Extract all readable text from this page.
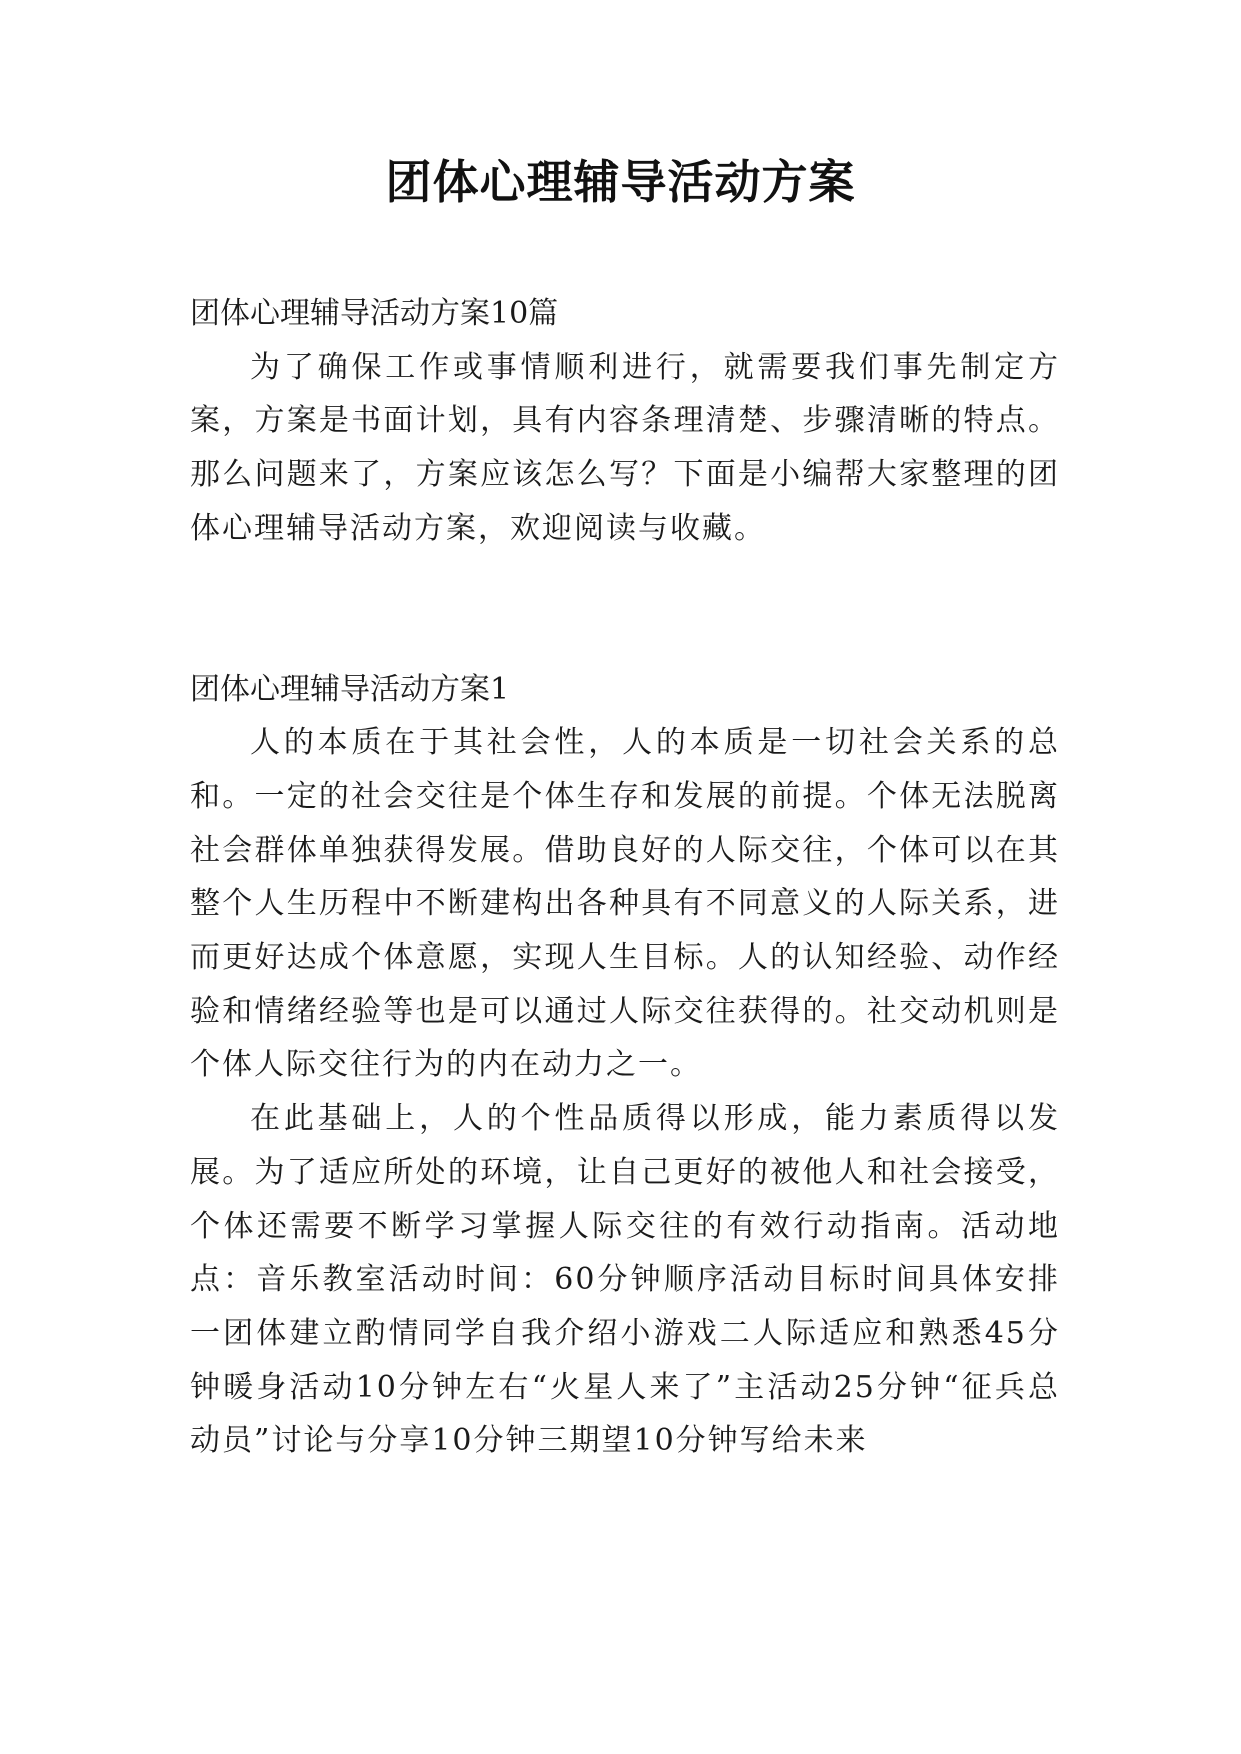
团体心理辅导活动方案

团体心理辅导活动方案10篇

为了确保工作或事情顺利进行，就需要我们事先制定方案，方案是书面计划，具有内容条理清楚、步骤清晰的特点。那么问题来了，方案应该怎么写？下面是小编帮大家整理的团体心理辅导活动方案，欢迎阅读与收藏。

团体心理辅导活动方案1

人的本质在于其社会性，人的本质是一切社会关系的总和。一定的社会交往是个体生存和发展的前提。个体无法脱离社会群体单独获得发展。借助良好的人际交往，个体可以在其整个人生历程中不断建构出各种具有不同意义的人际关系，进而更好达成个体意愿，实现人生目标。人的认知经验、动作经验和情绪经验等也是可以通过人际交往获得的。社交动机则是个体人际交往行为的内在动力之一。

在此基础上，人的个性品质得以形成，能力素质得以发展。为了适应所处的环境，让自己更好的被他人和社会接受，个体还需要不断学习掌握人际交往的有效行动指南。活动地点：音乐教室活动时间：60分钟顺序活动目标时间具体安排一团体建立酌情同学自我介绍小游戏二人际适应和熟悉45分钟暖身活动10分钟左右“火星人来了”主活动25分钟“征兵总动员”讨论与分享10分钟三期望10分钟写给未来
